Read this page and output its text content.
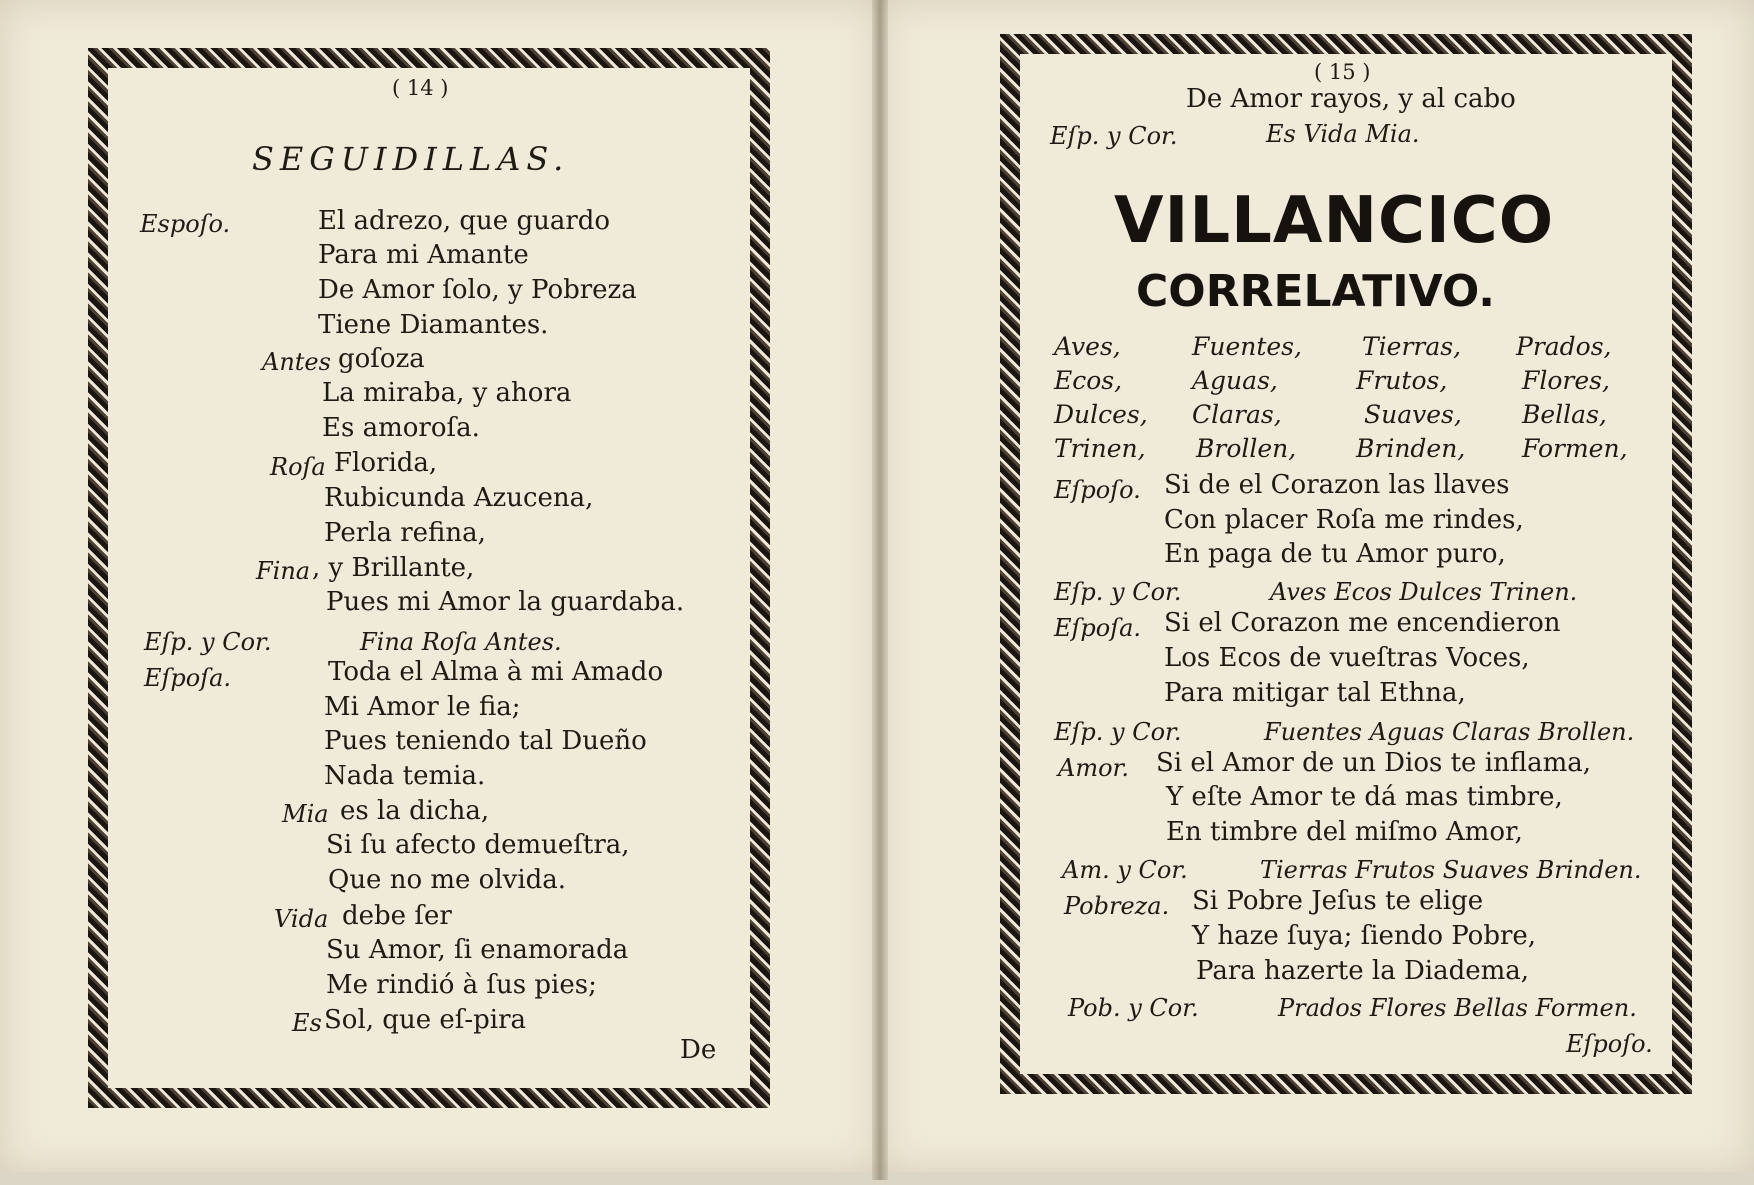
( 14 )
SEGUIDILLAS.
Espoſo.	El adrezo, que guardo
Para mi Amante
De Amor ſolo, y Pobreza
Tiene Diamantes.
Antes goſoza
La miraba, y ahora
Es amoroſa.
Roſa Florida,
Rubicunda Azucena,
Perla refina,
Fina , y Brillante,
Pues mi Amor la guardaba.
Eſp. y Cor.	Fina Roſa Antes.
Eſpoſa.	Toda el Alma à mi Amado
Mi Amor le fia;
Pues teniendo tal Dueño
Nada temia.
Mia es la dicha,
Si ſu afecto demueſtra,
Que no me olvida.
Vida debe ſer
Su Amor, ſi enamorada
Me rindió à ſus pies;
Es Sol, que eſ-pira
De
( 15 )
De Amor rayos, y al cabo
Eſp. y Cor.	Es Vida Mia.
VILLANCICO
CORRELATIVO.
Aves,	Fuentes, Tierras, Prados,
Ecos,	Aguas,	Frutos,	Flores,
Dulces, Claras,	Suaves, Bellas,
Trinen, Brollen, Brinden, Formen,
Eſpoſo. Si de el Corazon las llaves
Con placer Roſa me rindes,
En paga de tu Amor puro,
Eſp. y Cor.	Aves Ecos Dulces Trinen.
Eſpoſa. Si el Corazon me encendieron
Los Ecos de vueſtras Voces,
Para mitigar tal Ethna,
Eſp. y Cor.	Fuentes Aguas Claras Brollen.
Amor. Si el Amor de un Dios te inflama,
Y eſte Amor te dá mas timbre,
En timbre del miſmo Amor,
Am. y Cor.	Tierras Frutos Suaves Brinden.
Pobreza. Si Pobre Jeſus te elige
Y haze ſuya; ſiendo Pobre,
Para hazerte la Diadema,
Pob. y Cor.	Prados Flores Bellas Formen.
Eſpoſo.
